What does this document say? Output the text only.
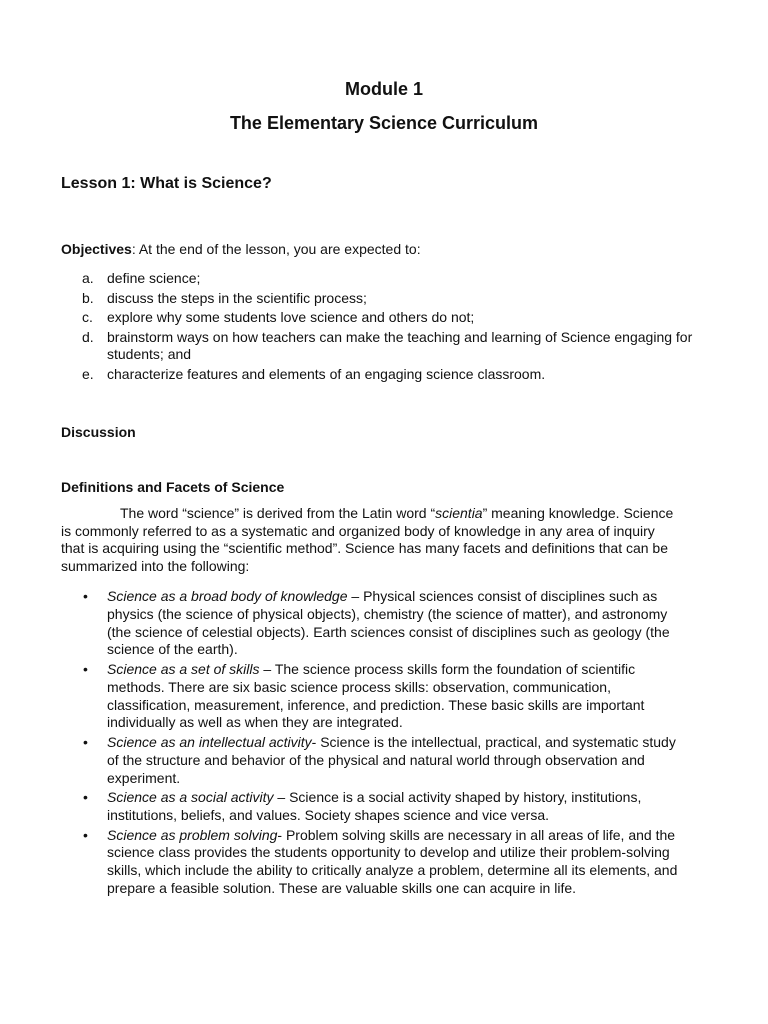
Module 1
The Elementary Science Curriculum
Lesson 1: What is Science?

Objectives: At the end of the lesson, you are expected to:

a. define science;
b. discuss the steps in the scientific process;
c. explore why some students love science and others do not;
d. brainstorm ways on how teachers can make the teaching and learning of Science engaging for students; and
e. characterize features and elements of an engaging science classroom.
Discussion
Definitions and Facets of Science

The word “science” is derived from the Latin word “scientia” meaning knowledge. Science is commonly referred to as a systematic and organized body of knowledge in any area of inquiry that is acquiring using the “scientific method”. Science has many facets and definitions that can be summarized into the following:

• Science as a broad body of knowledge – Physical sciences consist of disciplines such as physics (the science of physical objects), chemistry (the science of matter), and astronomy (the science of celestial objects). Earth sciences consist of disciplines such as geology (the science of the earth).
• Science as a set of skills – The science process skills form the foundation of scientific methods. There are six basic science process skills: observation, communication, classification, measurement, inference, and prediction. These basic skills are important individually as well as when they are integrated.
• Science as an intellectual activity- Science is the intellectual, practical, and systematic study of the structure and behavior of the physical and natural world through observation and experiment.
• Science as a social activity – Science is a social activity shaped by history, institutions, institutions, beliefs, and values. Society shapes science and vice versa.
• Science as problem solving- Problem solving skills are necessary in all areas of life, and the science class provides the students opportunity to develop and utilize their problem-solving skills, which include the ability to critically analyze a problem, determine all its elements, and prepare a feasible solution. These are valuable skills one can acquire in life.
